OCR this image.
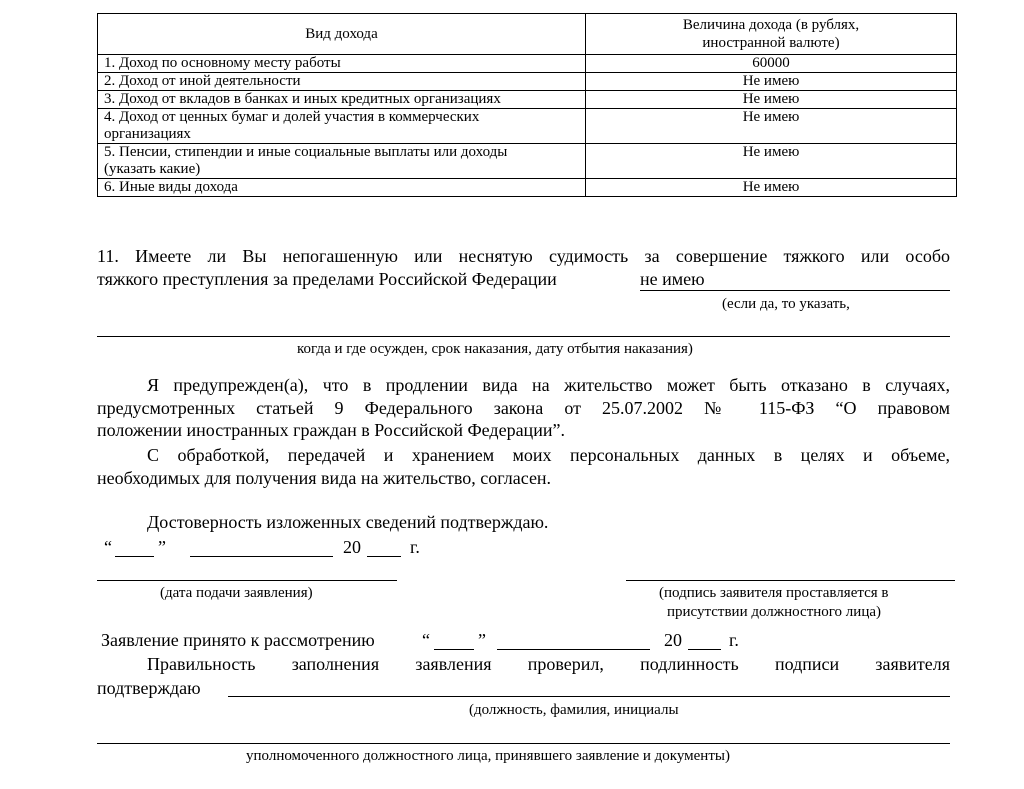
Вид дохода	Величина дохода (в рублях,
иностранной валюте)

1. Доход по основному месту работы	60000
2. Доход от иной деятельности	Не имею
3. Доход от вкладов в банках и иных кредитных организациях	Не имею

4. Доход от ценных бумаг и долей участия в коммерческих
организациях	Не имею

5. Пенсии, стипендии и иные социальные выплаты или доходы
(указать какие)	Не имею
6. Иные виды дохода	Не имею
11. Имеете ли Вы непогашенную или неснятую судимость за совершение тяжкого или особо
тяжкого преступления за пределами Российской Федерации	не имею
(если да, то указать,
когда и где осужден, срок наказания, дату отбытия наказания)
Я предупрежден(а), что в продлении вида на жительство может быть отказано в случаях,
предусмотренных статьей 9 Федерального закона от 25.07.2002 № 115-ФЗ “О правовом
положении иностранных граждан в Российской Федерации”.
С обработкой, передачей и хранением моих персональных данных в целях и объеме,
необходимых для получения вида на жительство, согласен.
Достоверность изложенных сведений подтверждаю.
“	”	20	г.
(дата подачи заявления)	(подпись заявителя проставляется в
присутствии должностного лица)
Заявление принято к рассмотрению	“	”	20	г.
Правильность заполнения заявления проверил, подлинность подписи заявителя
подтверждаю
(должность, фамилия, инициалы
уполномоченного должностного лица, принявшего заявление и документы)
